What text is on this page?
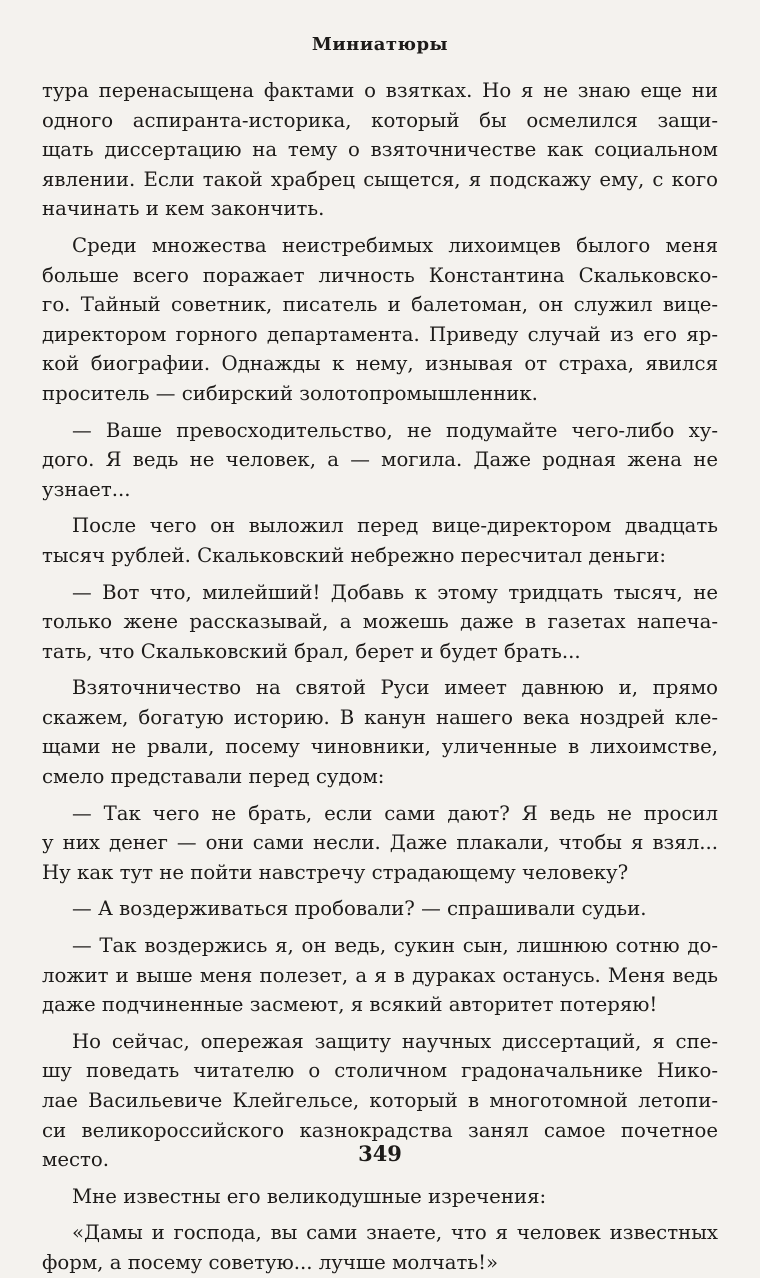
Миниатюры
тура перенасыщена фактами о взятках. Но я не знаю еще ни
одного аспиранта-историка, который бы осмелился защи-
щать диссертацию на тему о взяточничестве как социальном
явлении. Если такой храбрец сыщется, я подскажу ему, с кого
начинать и кем закончить.
Среди множества неистребимых лихоимцев былого меня
больше всего поражает личность Константина Скальковско-
го. Тайный советник, писатель и балетоман, он служил вице-
директором горного департамента. Приведу случай из его яр-
кой биографии. Однажды к нему, изнывая от страха, явился
проситель — сибирский золотопромышленник.
— Ваше превосходительство, не подумайте чего-либо ху-
дого. Я ведь не человек, а — могила. Даже родная жена не
узнает...
После чего он выложил перед вице-директором двадцать
тысяч рублей. Скальковский небрежно пересчитал деньги:
— Вот что, милейший! Добавь к этому тридцать тысяч, не
только жене рассказывай, а можешь даже в газетах напеча-
тать, что Скальковский брал, берет и будет брать...
Взяточничество на святой Руси имеет давнюю и, прямо
скажем, богатую историю. В канун нашего века ноздрей кле-
щами не рвали, посему чиновники, уличенные в лихоимстве,
смело представали перед судом:
— Так чего не брать, если сами дают? Я ведь не просил
у них денег — они сами несли. Даже плакали, чтобы я взял...
Ну как тут не пойти навстречу страдающему человеку?
— А воздерживаться пробовали? — спрашивали судьи.
— Так воздержись я, он ведь, сукин сын, лишнюю сотню до-
ложит и выше меня полезет, а я в дураках останусь. Меня ведь
даже подчиненные засмеют, я всякий авторитет потеряю!
Но сейчас, опережая защиту научных диссертаций, я спе-
шу поведать читателю о столичном градоначальнике Нико-
лае Васильевиче Клейгельсе, который в многотомной летопи-
си великороссийского казнокрадства занял самое почетное
место.
Мне известны его великодушные изречения:
«Дамы и господа, вы сами знаете, что я человек известных
форм, а посему советую... лучше молчать!»
349
